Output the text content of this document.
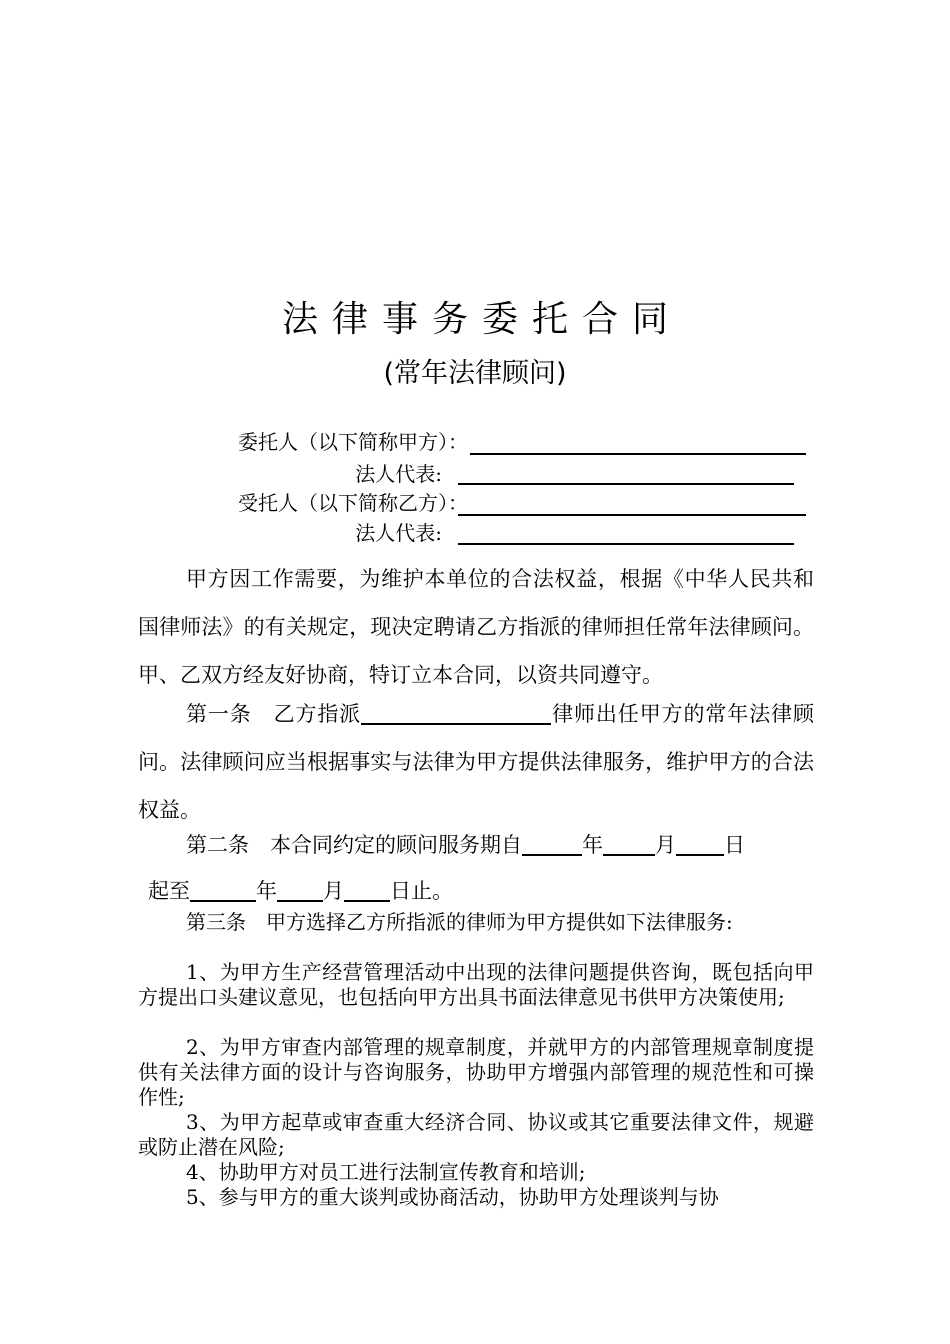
法律事务委托合同
(常年法律顾问)
委托人（以下简称甲方）：
法人代表:
受托人（以下简称乙方）：
法人代表:
甲方因工作需要，为维护本单位的合法权益，根据《中华人民共和国律师法》的有关规定，现决定聘请乙方指派的律师担任常年法律顾问。甲、乙双方经友好协商，特订立本合同，以资共同遵守。
第一条　乙方指派	律师出任甲方的常年法律顾问。法律顾问应当根据事实与法律为甲方提供法律服务，维护甲方的合法权益。
第二条　本合同约定的顾问服务期自	年 月 日
起至	年 月 日止。
第三条　甲方选择乙方所指派的律师为甲方提供如下法律服务:
1、为甲方生产经营管理活动中出现的法律问题提供咨询，既包括向甲方提出口头建议意见，也包括向甲方出具书面法律意见书供甲方决策使用;
2、为甲方审查内部管理的规章制度，并就甲方的内部管理规章制度提供有关法律方面的设计与咨询服务，协助甲方增强内部管理的规范性和可操作性;
3、为甲方起草或审查重大经济合同、协议或其它重要法律文件，规避或防止潜在风险;
4、协助甲方对员工进行法制宣传教育和培训;
5、参与甲方的重大谈判或协商活动，协助甲方处理谈判与协
